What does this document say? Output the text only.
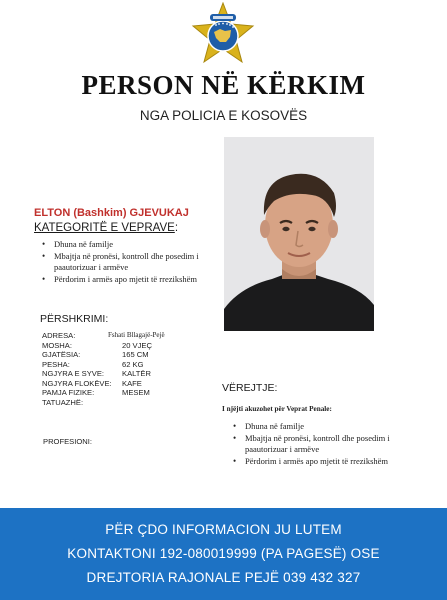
PERSON NË KËRKIM
NGA POLICIA E KOSOVËS
ELTON (Bashkim) GJEVUKAJ
KATEGORITË E VEPRAVE:
• Dhuna në familje
• Mbajtja në pronësi, kontroll dhe posedim i paautorizuar i armëve
• Përdorim i armës apo mjetit të rrezikshëm
PËRSHKRIMI:
ADRESA:	Fshati Bllagajë-Pejë
MOSHA:	20 VJEÇ
GJATËSIA:	165 CM
PESHA:	62 KG
NGJYRA E SYVE: KALTËR
NGJYRA FLOKËVE: KAFE
PAMJA FIZIKE:	MESEM
TATUAZHË:
PROFESIONI:
VËREJTJE:
I njëjti akuzohet për Veprat Penale:
• Dhuna në familje
• Mbajtja në pronësi, kontroll dhe posedim i paautorizuar i armëve
• Përdorim i armës apo mjetit të rrezikshëm
PËR ÇDO INFORMACION JU LUTEM
KONTAKTONI 192-080019999 (PA PAGESË) OSE
DREJTORIA RAJONALE PEJË 039 432 327
